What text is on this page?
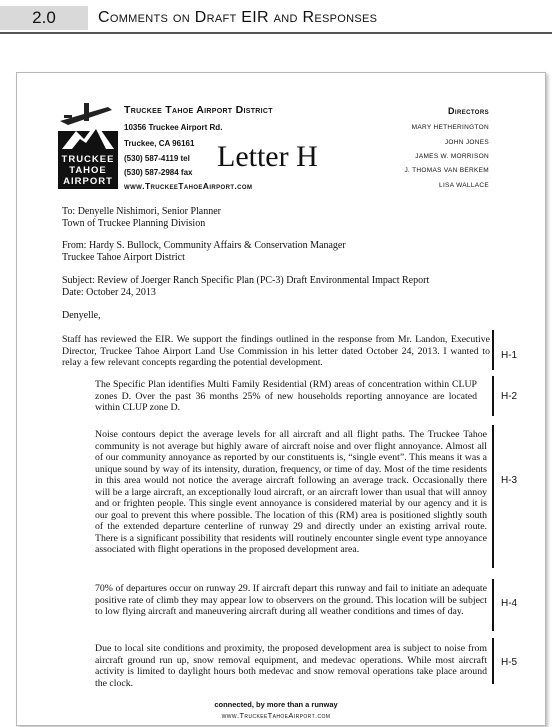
2.0	Comments on Draft EIR and Responses
TRUCKEE
TAHOE
AIRPORT
Truckee Tahoe Airport District
10356 Truckee Airport Rd.
Truckee, CA 96161
(530) 587-4119 tel
(530) 587-2984 fax
www.TruckeeTahoeAirport.com
Letter H
Directors
MARY HETHERINGTON
JOHN JONES
JAMES W. MORRISON
J. THOMAS VAN BERKEM
LISA WALLACE
To: Denyelle Nishimori, Senior Planner
Town of Truckee Planning Division
From: Hardy S. Bullock, Community Affairs & Conservation Manager
Truckee Tahoe Airport District
Subject: Review of Joerger Ranch Specific Plan (PC-3) Draft Environmental Impact Report
Date: October 24, 2013
Denyelle,
Staff has reviewed the EIR. We support the findings outlined in the response from Mr. Landon, Executive Director, Truckee Tahoe Airport Land Use Commission in his letter dated October 24, 2013. I wanted to relay a few relevant concepts regarding the potential development.
H-1
The Specific Plan identifies Multi Family Residential (RM) areas of concentration within CLUP zones D. Over the past 36 months 25% of new households reporting annoyance are located within CLUP zone D.
H-2
Noise contours depict the average levels for all aircraft and all flight paths. The Truckee Tahoe community is not average but highly aware of aircraft noise and over flight annoyance. Almost all of our community annoyance as reported by our constituents is, “single event”. This means it was a unique sound by way of its intensity, duration, frequency, or time of day. Most of the time residents in this area would not notice the average aircraft following an average track. Occasionally there will be a large aircraft, an exceptionally loud aircraft, or an aircraft lower than usual that will annoy and or frighten people. This single event annoyance is considered material by our agency and it is our goal to prevent this where possible. The location of this (RM) area is positioned slightly south of the extended departure centerline of runway 29 and directly under an existing arrival route. There is a significant possibility that residents will routinely encounter single event type annoyance associated with flight operations in the proposed development area.
H-3
70% of departures occur on runway 29. If aircraft depart this runway and fail to initiate an adequate positive rate of climb they may appear low to observers on the ground. This location will be subject to low flying aircraft and maneuvering aircraft during all weather conditions and times of day.
H-4
Due to local site conditions and proximity, the proposed development area is subject to noise from aircraft ground run up, snow removal equipment, and medevac operations. While most aircraft activity is limited to daylight hours both medevac and snow removal operations take place around the clock.
H-5
connected, by more than a runway
www.TruckeeTahoeAirport.com
